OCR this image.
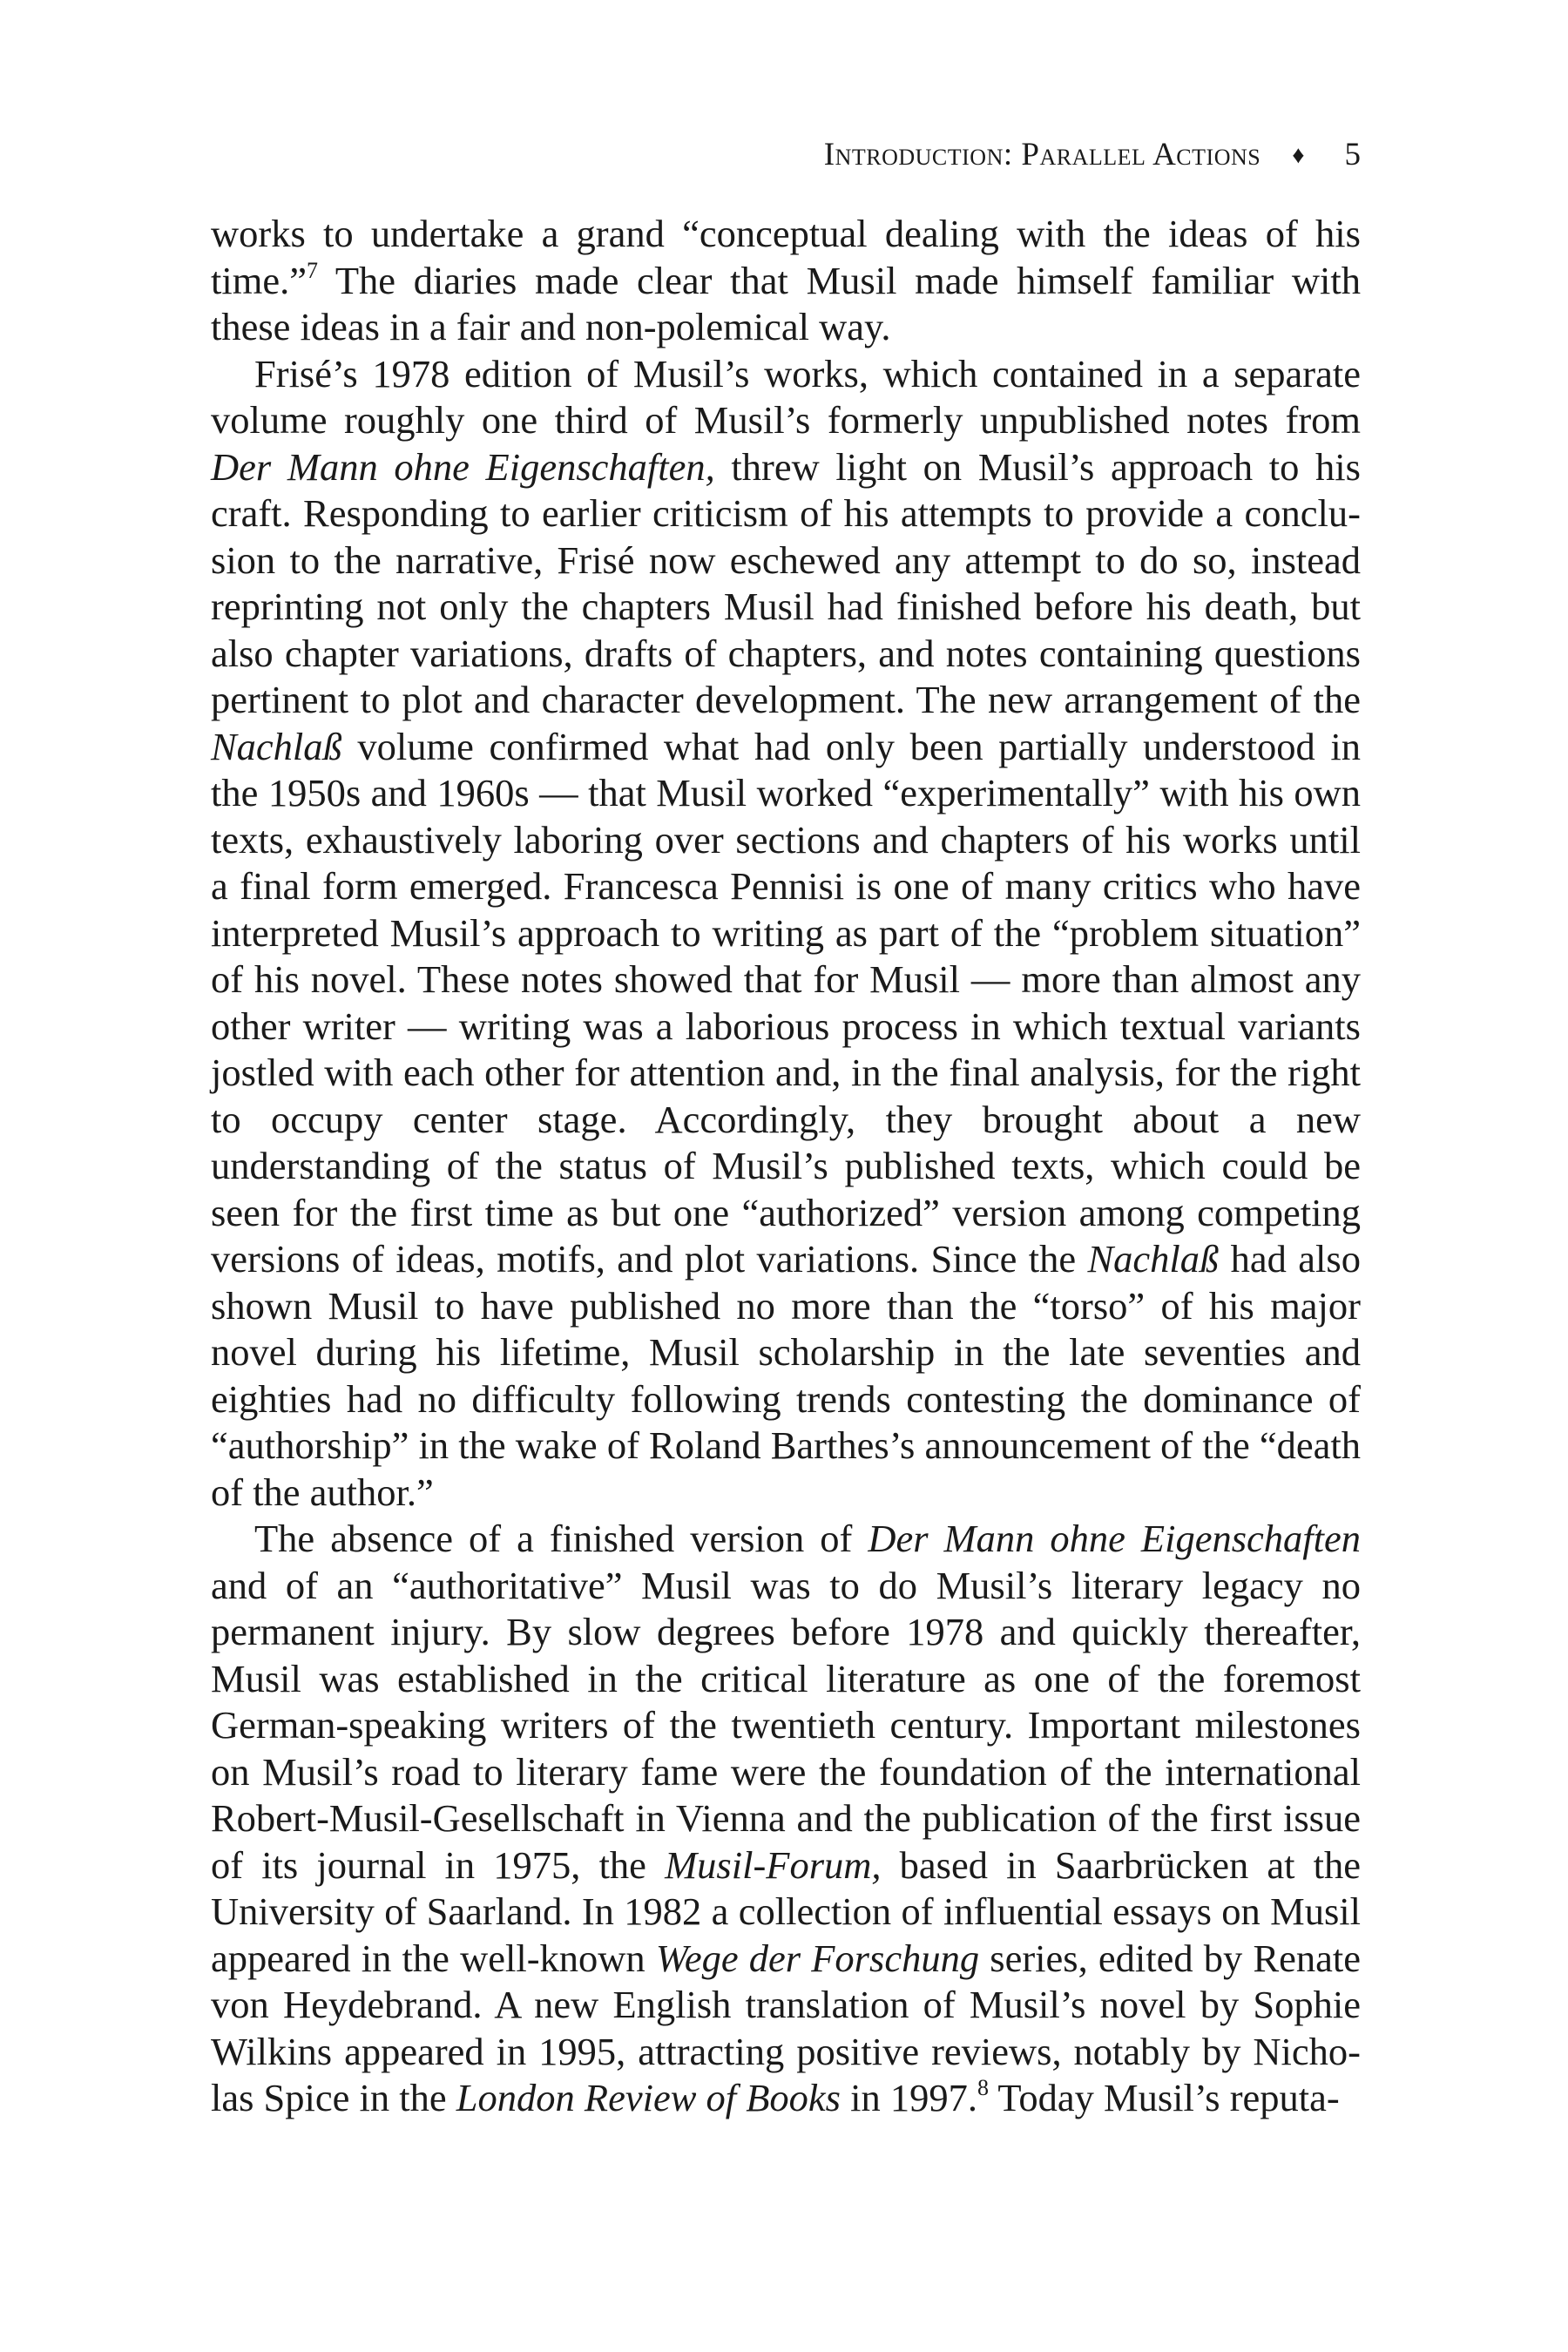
Introduction: Parallel Actions ♦ 5

works to undertake a grand “conceptual dealing with the ideas of his time.”$^7$ The diaries made clear that Musil made himself familiar with these ideas in a fair and non-polemical way.

Frisé’s 1978 edition of Musil’s works, which contained in a separate volume roughly one third of Musil’s formerly unpublished notes from Der Mann ohne Eigenschaften, threw light on Musil’s approach to his craft. Responding to earlier criticism of his attempts to provide a conclusion to the narrative, Frisé now eschewed any attempt to do so, instead reprinting not only the chapters Musil had finished before his death, but also chapter variations, drafts of chapters, and notes containing questions pertinent to plot and character development. The new arrangement of the Nachlaß volume confirmed what had only been partially understood in the 1950s and 1960s — that Musil worked “experimentally” with his own texts, exhaustively laboring over sections and chapters of his works until a final form emerged. Francesca Pennisi is one of many critics who have interpreted Musil’s approach to writing as part of the “problem situation” of his novel. These notes showed that for Musil — more than almost any other writer — writing was a laborious process in which textual variants jostled with each other for attention and, in the final analysis, for the right to occupy center stage. Accordingly, they brought about a new understanding of the status of Musil’s published texts, which could be seen for the first time as but one “authorized” version among competing versions of ideas, motifs, and plot variations. Since the Nachlaß had also shown Musil to have published no more than the “torso” of his major novel during his lifetime, Musil scholarship in the late seventies and eighties had no difficulty following trends contesting the dominance of “authorship” in the wake of Roland Barthes’s announcement of the “death of the author.”

The absence of a finished version of Der Mann ohne Eigenschaften and of an “authoritative” Musil was to do Musil’s literary legacy no permanent injury. By slow degrees before 1978 and quickly thereafter, Musil was established in the critical literature as one of the foremost German-speaking writers of the twentieth century. Important milestones on Musil’s road to literary fame were the foundation of the international Robert-Musil-Gesellschaft in Vienna and the publication of the first issue of its journal in 1975, the Musil-Forum, based in Saarbrücken at the University of Saarland. In 1982 a collection of influential essays on Musil appeared in the well-known Wege der Forschung series, edited by Renate von Heydebrand. A new English translation of Musil’s novel by Sophie Wilkins appeared in 1995, attracting positive reviews, notably by Nicholas Spice in the London Review of Books in 1997.$^8$ Today Musil’s reputa-
